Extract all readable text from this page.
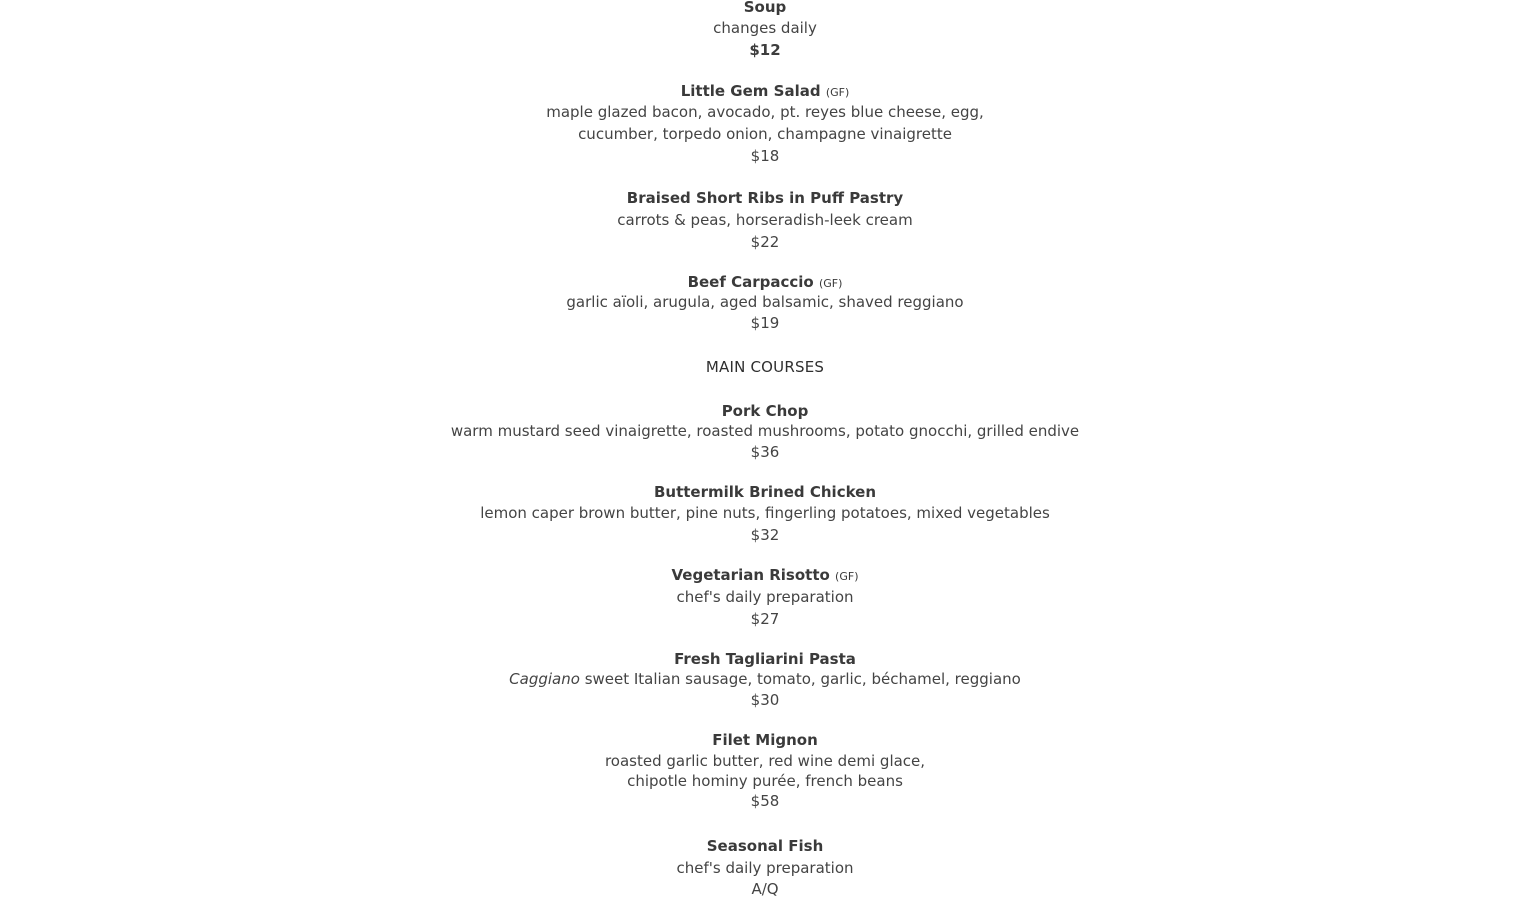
Soup
changes daily
$12
Little Gem Salad (GF)
maple glazed bacon, avocado, pt. reyes blue cheese, egg,
cucumber, torpedo onion, champagne vinaigrette
$18
Braised Short Ribs in Puff Pastry
carrots & peas, horseradish-leek cream
$22
Beef Carpaccio (GF)
garlic aïoli, arugula, aged balsamic, shaved reggiano
$19
MAIN COURSES
Pork Chop
warm mustard seed vinaigrette, roasted mushrooms, potato gnocchi, grilled endive
$36
Buttermilk Brined Chicken
lemon caper brown butter, pine nuts, fingerling potatoes, mixed vegetables
$32
Vegetarian Risotto (GF)
chef's daily preparation
$27
Fresh Tagliarini Pasta
Caggiano sweet Italian sausage, tomato, garlic, béchamel, reggiano
$30
Filet Mignon
roasted garlic butter, red wine demi glace,
chipotle hominy purée, french beans
$58
Seasonal Fish
chef's daily preparation
A/Q
